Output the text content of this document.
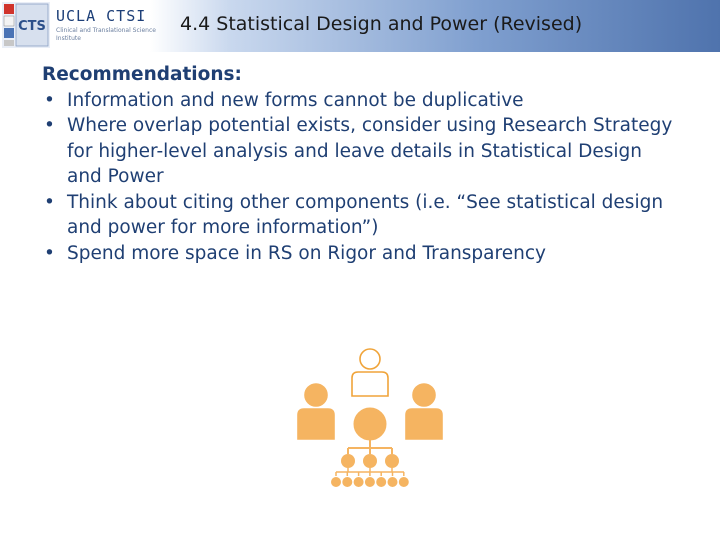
CTS
UCLA CTSI
Clinical and Translational Science Institute
4.4 Statistical Design and Power (Revised)
Recommendations:
• Information and new forms cannot be duplicative
• Where overlap potential exists, consider using Research Strategy for higher-level analysis and leave details in Statistical Design and Power
• Think about citing other components (i.e. “See statistical design and power for more information”)
• Spend more space in RS on Rigor and Transparency
